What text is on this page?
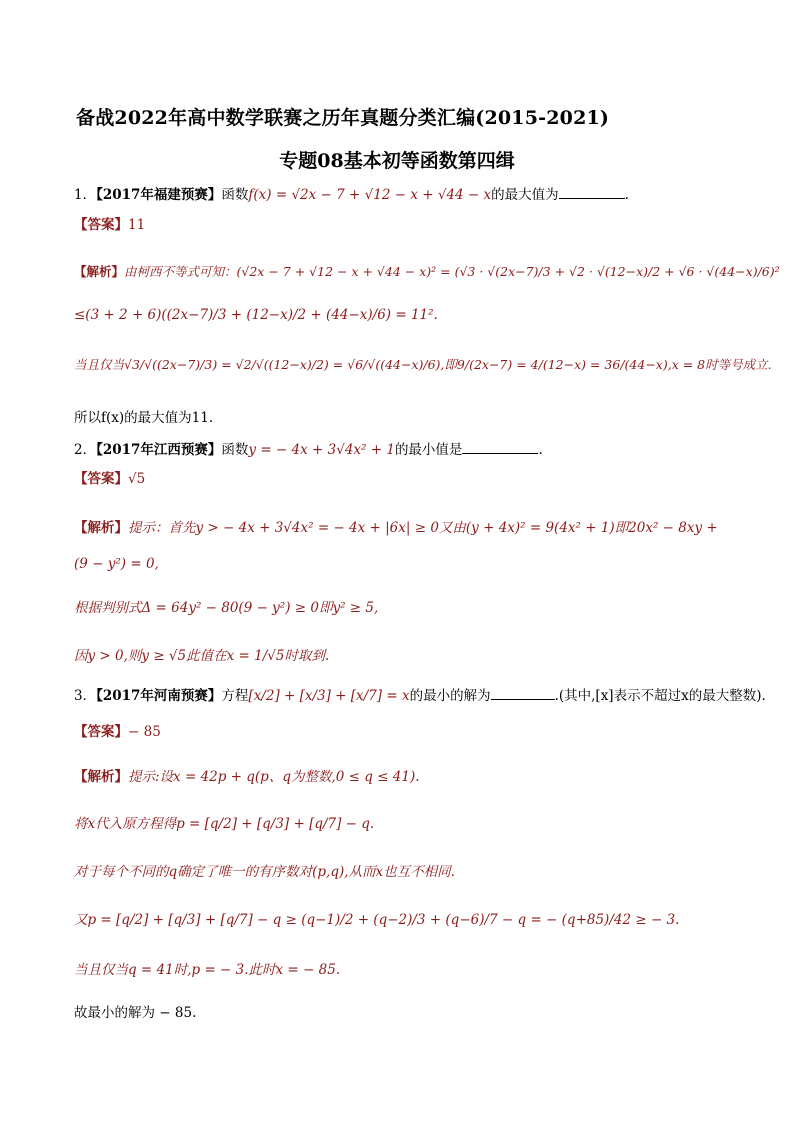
备战2022年高中数学联赛之历年真题分类汇编(2015-2021)
专题08基本初等函数第四缉
1．【2017年福建预赛】函数f(x) = √2x − 7 + √12 − x + √44 − x的最大值为	.
【答案】11
【解析】由柯西不等式可知：(√2x − 7 + √12 − x + √44 − x)² = (√3 · √(2x−7)/3 + √2 · √(12−x)/2 + √6 · √(44−x)/6)²
≤(3 + 2 + 6)((2x−7)/3 + (12−x)/2 + (44−x)/6) = 11².
当且仅当√3/√((2x−7)/3) = √2/√((12−x)/2) = √6/√((44−x)/6),即9/(2x−7) = 4/(12−x) = 36/(44−x),x = 8时等号成立.
所以f(x)的最大值为11.
2．【2017年江西预赛】函数y = − 4x + 3√4x² + 1的最小值是	.
【答案】√5
【解析】提示：首先y > − 4x + 3√4x² = − 4x + |6x| ≥ 0又由(y + 4x)² = 9(4x² + 1)即20x² − 8xy +
(9 − y²) = 0,
根据判别式Δ = 64y² − 80(9 − y²) ≥ 0即y² ≥ 5,
因y > 0,则y ≥ √5此值在x = 1/√5时取到.
3．【2017年河南预赛】方程[x/2] + [x/3] + [x/7] = x的最小的解为	.(其中,[x]表示不超过x的最大整数).
【答案】− 85
【解析】提示:设x = 42p + q(p、q为整数,0 ≤ q ≤ 41).
将x代入原方程得p = [q/2] + [q/3] + [q/7] − q.
对于每个不同的q确定了唯一的有序数对(p,q),从而x也互不相同.
又p = [q/2] + [q/3] + [q/7] − q ≥ (q−1)/2 + (q−2)/3 + (q−6)/7 − q = − (q+85)/42 ≥ − 3.
当且仅当q = 41时,p = − 3.此时x = − 85.
故最小的解为 − 85.
